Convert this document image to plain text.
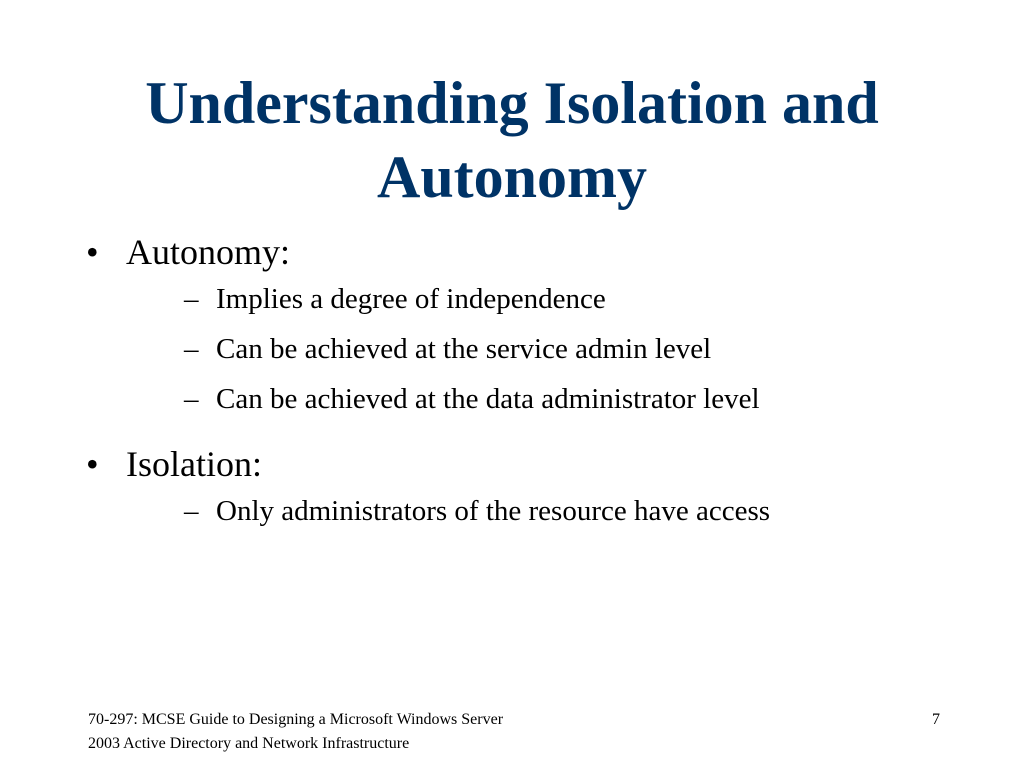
Understanding Isolation and
Autonomy
• Autonomy:
– Implies a degree of independence
– Can be achieved at the service admin level
– Can be achieved at the data administrator level
• Isolation:
– Only administrators of the resource have access
70-297: MCSE Guide to Designing a Microsoft Windows Server
2003 Active Directory and Network Infrastructure
7
